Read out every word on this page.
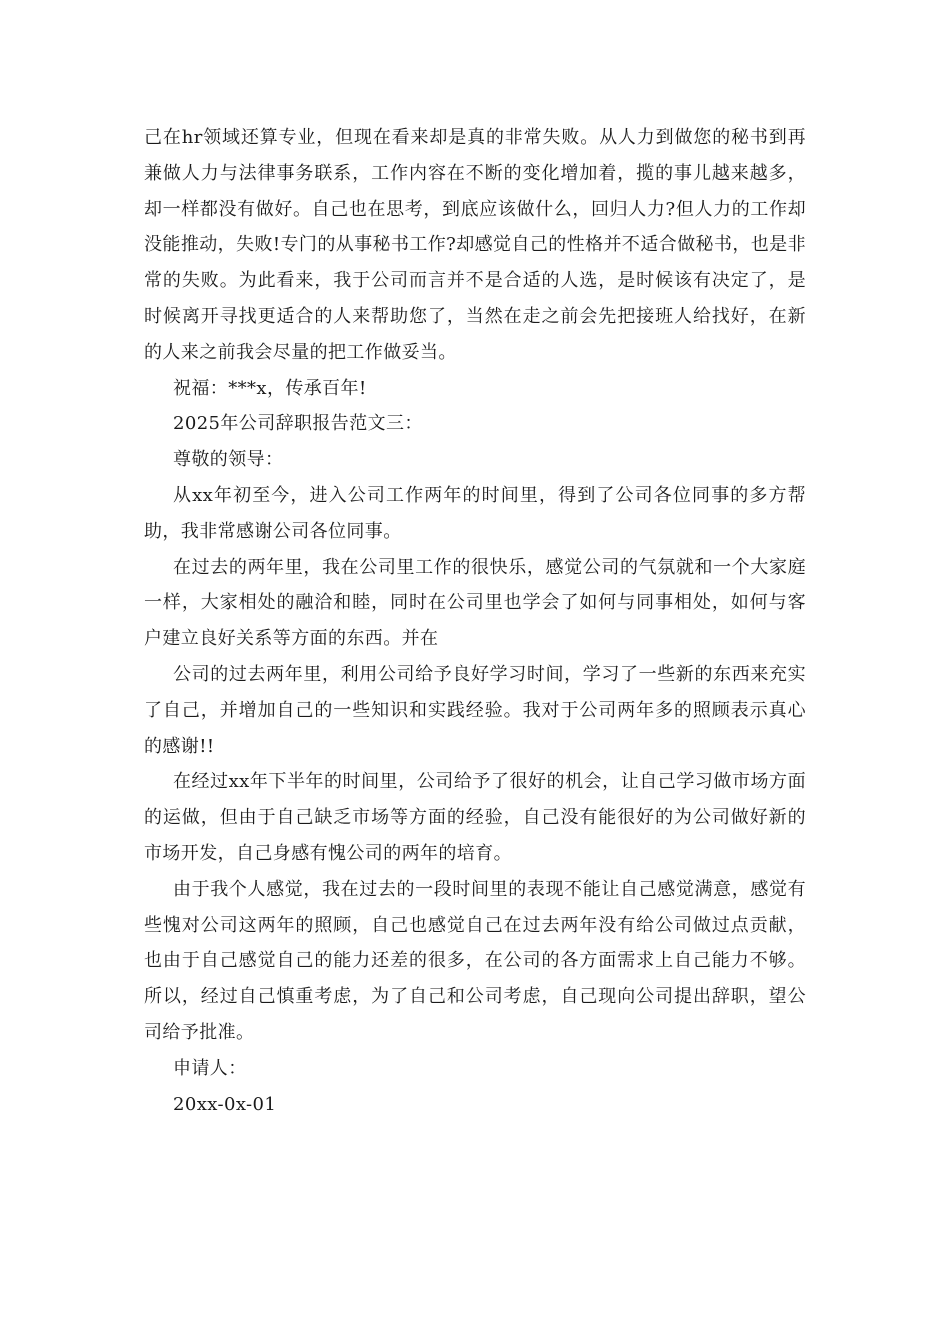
己在hr领域还算专业，但现在看来却是真的非常失败。从人力到做您的秘书到再兼做人力与法律事务联系，工作内容在不断的变化增加着，揽的事儿越来越多，却一样都没有做好。自己也在思考，到底应该做什么，回归人力?但人力的工作却没能推动，失败!专门的从事秘书工作?却感觉自己的性格并不适合做秘书，也是非常的失败。为此看来，我于公司而言并不是合适的人选，是时候该有决定了，是时候离开寻找更适合的人来帮助您了，当然在走之前会先把接班人给找好，在新的人来之前我会尽量的把工作做妥当。

祝福：***x，传承百年!

2025年公司辞职报告范文三：

尊敬的领导：

从xx年初至今，进入公司工作两年的时间里，得到了公司各位同事的多方帮助，我非常感谢公司各位同事。

在过去的两年里，我在公司里工作的很快乐，感觉公司的气氛就和一个大家庭一样，大家相处的融洽和睦，同时在公司里也学会了如何与同事相处，如何与客户建立良好关系等方面的东西。并在

公司的过去两年里，利用公司给予良好学习时间，学习了一些新的东西来充实了自己，并增加自己的一些知识和实践经验。我对于公司两年多的照顾表示真心的感谢!!

在经过xx年下半年的时间里，公司给予了很好的机会，让自己学习做市场方面的运做，但由于自己缺乏市场等方面的经验，自己没有能很好的为公司做好新的市场开发，自己身感有愧公司的两年的培育。

由于我个人感觉，我在过去的一段时间里的表现不能让自己感觉满意，感觉有些愧对公司这两年的照顾，自己也感觉自己在过去两年没有给公司做过点贡献，也由于自己感觉自己的能力还差的很多，在公司的各方面需求上自己能力不够。所以，经过自己慎重考虑，为了自己和公司考虑，自己现向公司提出辞职，望公司给予批准。

申请人：

20xx-0x-01
